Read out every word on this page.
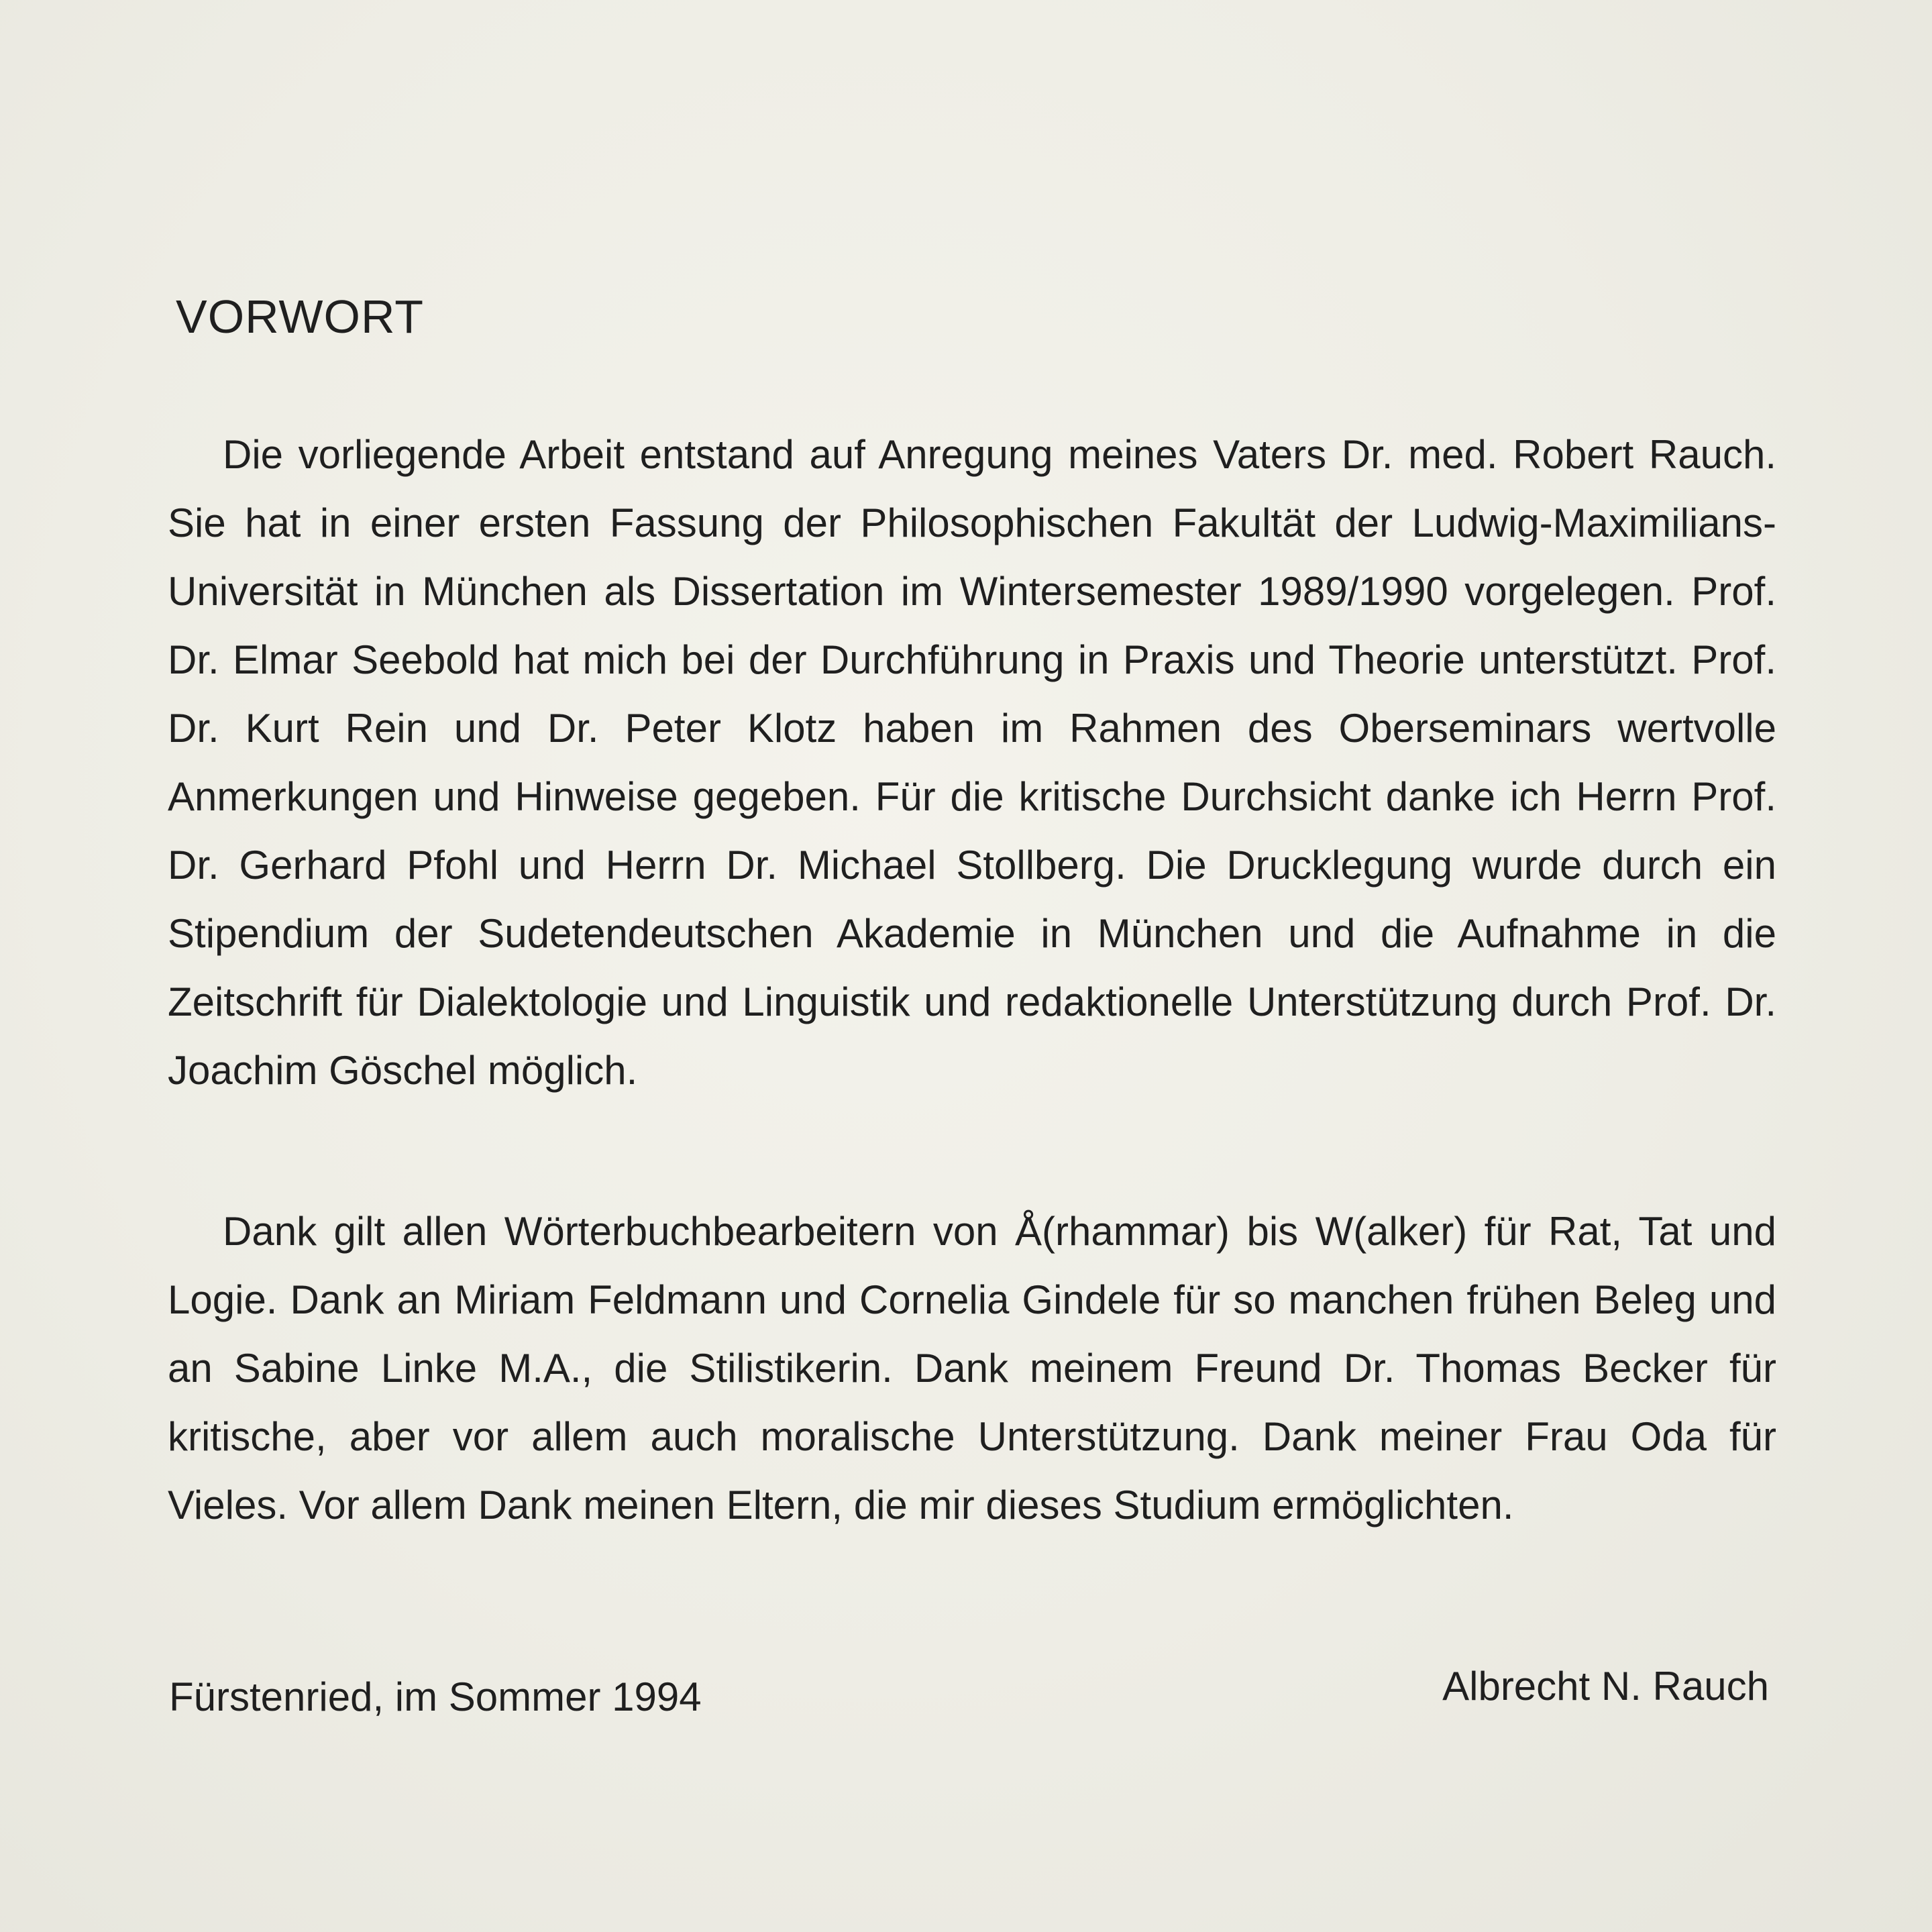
VORWORT

Die vorliegende Arbeit entstand auf Anregung meines Vaters Dr. med. Robert Rauch. Sie hat in einer ersten Fassung der Philosophischen Fakultät der Ludwig-Maximilians-Universität in München als Dissertation im Wintersemester 1989/1990 vorgelegen. Prof. Dr. Elmar Seebold hat mich bei der Durchführung in Praxis und Theorie unterstützt. Prof. Dr. Kurt Rein und Dr. Peter Klotz haben im Rahmen des Oberseminars wertvolle Anmerkungen und Hinweise gegeben. Für die kritische Durchsicht danke ich Herrn Prof. Dr. Gerhard Pfohl und Herrn Dr. Michael Stollberg. Die Drucklegung wurde durch ein Stipendium der Sudetendeutschen Akademie in München und die Aufnahme in die Zeitschrift für Dialektologie und Linguistik und redaktionelle Unterstützung durch Prof. Dr. Joachim Göschel möglich.

Dank gilt allen Wörterbuchbearbeitern von Å(rhammar) bis W(alker) für Rat, Tat und Logie. Dank an Miriam Feldmann und Cornelia Gindele für so manchen frühen Beleg und an Sabine Linke M.A., die Stilistikerin. Dank meinem Freund Dr. Thomas Becker für kritische, aber vor allem auch moralische Unterstützung. Dank meiner Frau Oda für Vieles. Vor allem Dank meinen Eltern, die mir dieses Studium ermöglichten.

Fürstenried, im Sommer 1994	Albrecht N. Rauch
